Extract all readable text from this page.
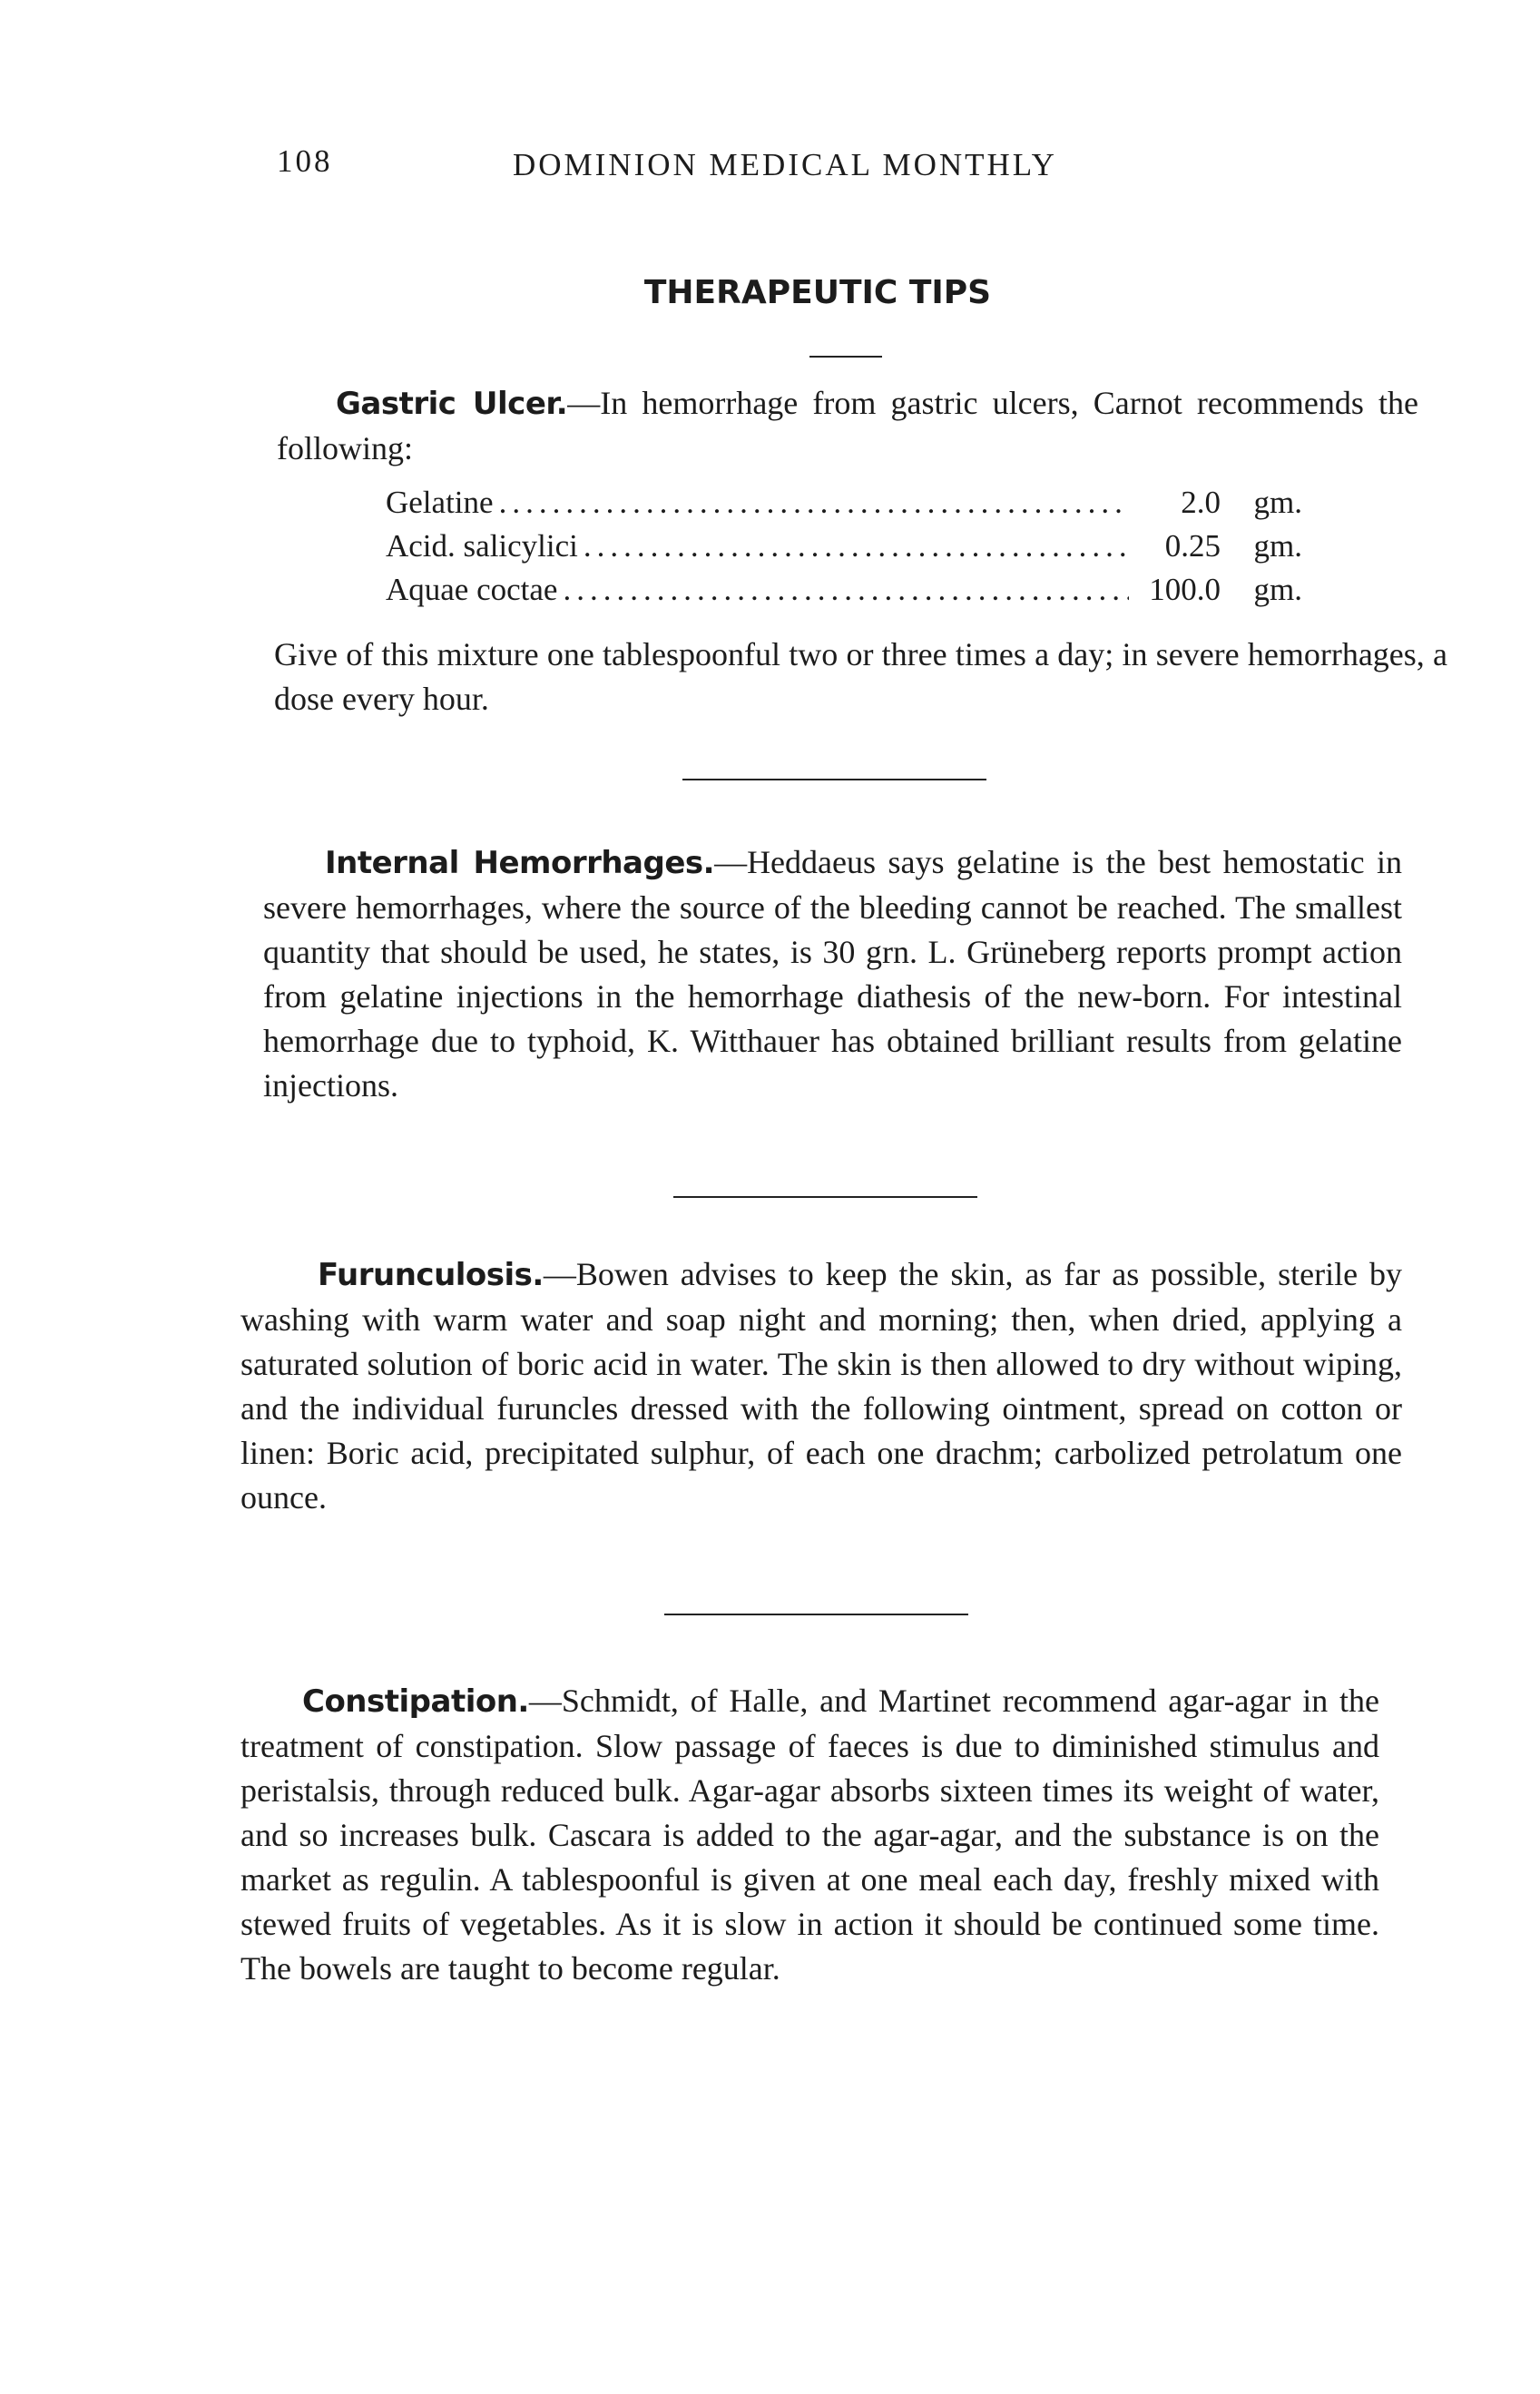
108	DOMINION MEDICAL MONTHLY
THERAPEUTIC TIPS

Gastric Ulcer.—In hemorrhage from gastric ulcers, Carnot recommends the following:

Gelatine .....	2.0	gm.
Acid. salicylici .....	0.25	gm.
Aquae coctae .....	100.0	gm.

Give of this mixture one tablespoonful two or three times a day; in severe hemorrhages, a dose every hour.

Internal Hemorrhages.—Heddaeus says gelatine is the best hemostatic in severe hemorrhages, where the source of the bleeding cannot be reached. The smallest quantity that should be used, he states, is 30 grn. L. Grüneberg reports prompt action from gelatine injections in the hemorrhage diathesis of the new-born. For intestinal hemorrhage due to typhoid, K. Witthauer has obtained brilliant results from gelatine injections.

Furunculosis.—Bowen advises to keep the skin, as far as possible, sterile by washing with warm water and soap night and morning; then, when dried, applying a saturated solution of boric acid in water. The skin is then allowed to dry without wiping, and the individual furuncles dressed with the following ointment, spread on cotton or linen: Boric acid, precipitated sulphur, of each one drachm; carbolized petrolatum one ounce.

Constipation.—Schmidt, of Halle, and Martinet recommend agar-agar in the treatment of constipation. Slow passage of faeces is due to diminished stimulus and peristalsis, through reduced bulk. Agar-agar absorbs sixteen times its weight of water, and so increases bulk. Cascara is added to the agar-agar, and the substance is on the market as regulin. A tablespoonful is given at one meal each day, freshly mixed with stewed fruits of vegetables. As it is slow in action it should be continued some time. The bowels are taught to become regular.
